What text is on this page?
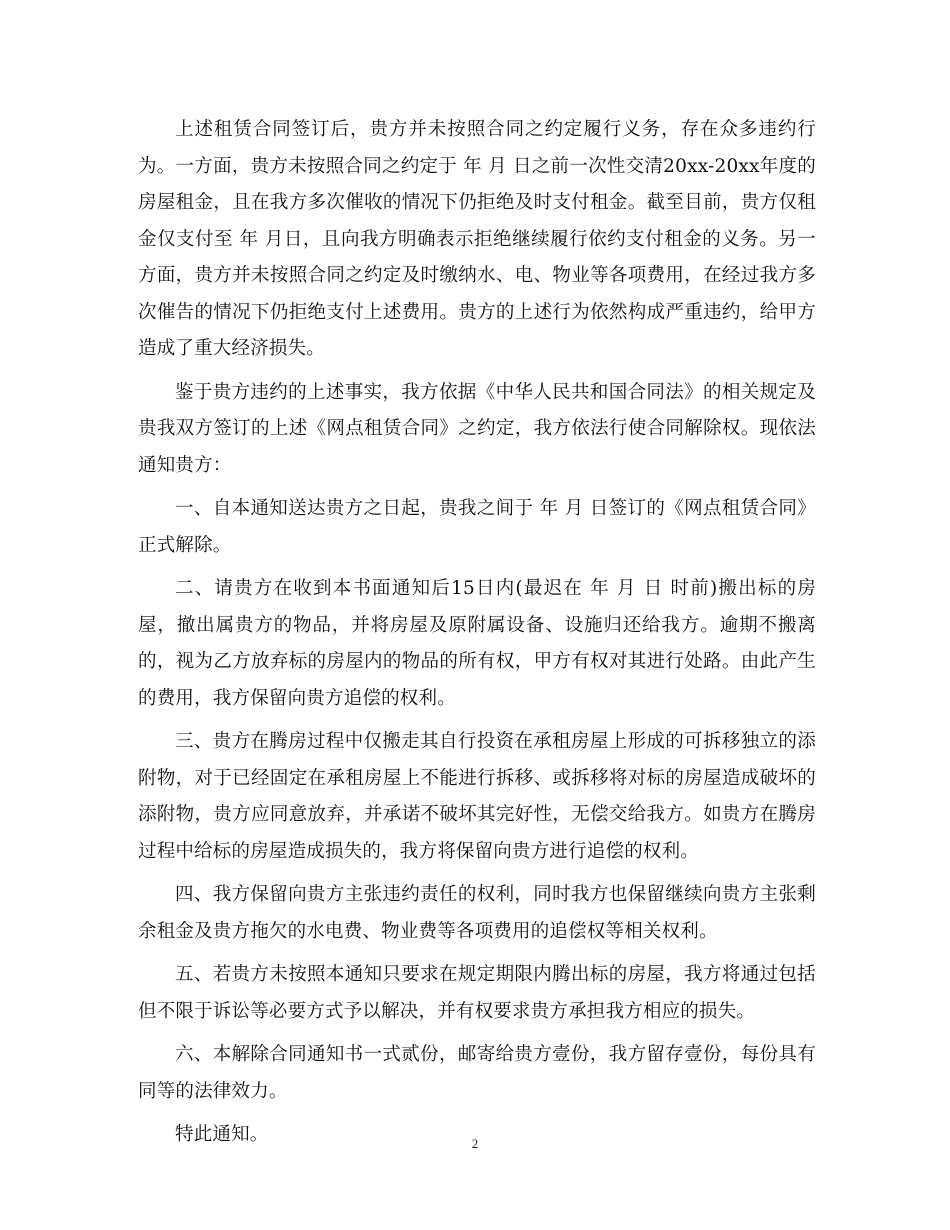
上述租赁合同签订后，贵方并未按照合同之约定履行义务，存在众多违约行为。一方面，贵方未按照合同之约定于 年 月 日之前一次性交清20xx-20xx年度的房屋租金，且在我方多次催收的情况下仍拒绝及时支付租金。截至目前，贵方仅租金仅支付至 年 月日，且向我方明确表示拒绝继续履行依约支付租金的义务。另一方面，贵方并未按照合同之约定及时缴纳水、电、物业等各项费用，在经过我方多次催告的情况下仍拒绝支付上述费用。贵方的上述行为依然构成严重违约，给甲方造成了重大经济损失。

鉴于贵方违约的上述事实，我方依据《中华人民共和国合同法》的相关规定及贵我双方签订的上述《网点租赁合同》之约定，我方依法行使合同解除权。现依法通知贵方：

一、自本通知送达贵方之日起，贵我之间于 年 月 日签订的《网点租赁合同》正式解除。

二、请贵方在收到本书面通知后15日内(最迟在 年 月 日 时前)搬出标的房屋，撤出属贵方的物品，并将房屋及原附属设备、设施归还给我方。逾期不搬离的，视为乙方放弃标的房屋内的物品的所有权，甲方有权对其进行处路。由此产生的费用，我方保留向贵方追偿的权利。

三、贵方在腾房过程中仅搬走其自行投资在承租房屋上形成的可拆移独立的添附物，对于已经固定在承租房屋上不能进行拆移、或拆移将对标的房屋造成破坏的添附物，贵方应同意放弃，并承诺不破坏其完好性，无偿交给我方。如贵方在腾房过程中给标的房屋造成损失的，我方将保留向贵方进行追偿的权利。

四、我方保留向贵方主张违约责任的权利，同时我方也保留继续向贵方主张剩余租金及贵方拖欠的水电费、物业费等各项费用的追偿权等相关权利。

五、若贵方未按照本通知只要求在规定期限内腾出标的房屋，我方将通过包括但不限于诉讼等必要方式予以解决，并有权要求贵方承担我方相应的损失。

六、本解除合同通知书一式贰份，邮寄给贵方壹份，我方留存壹份，每份具有同等的法律效力。

特此通知。	2
